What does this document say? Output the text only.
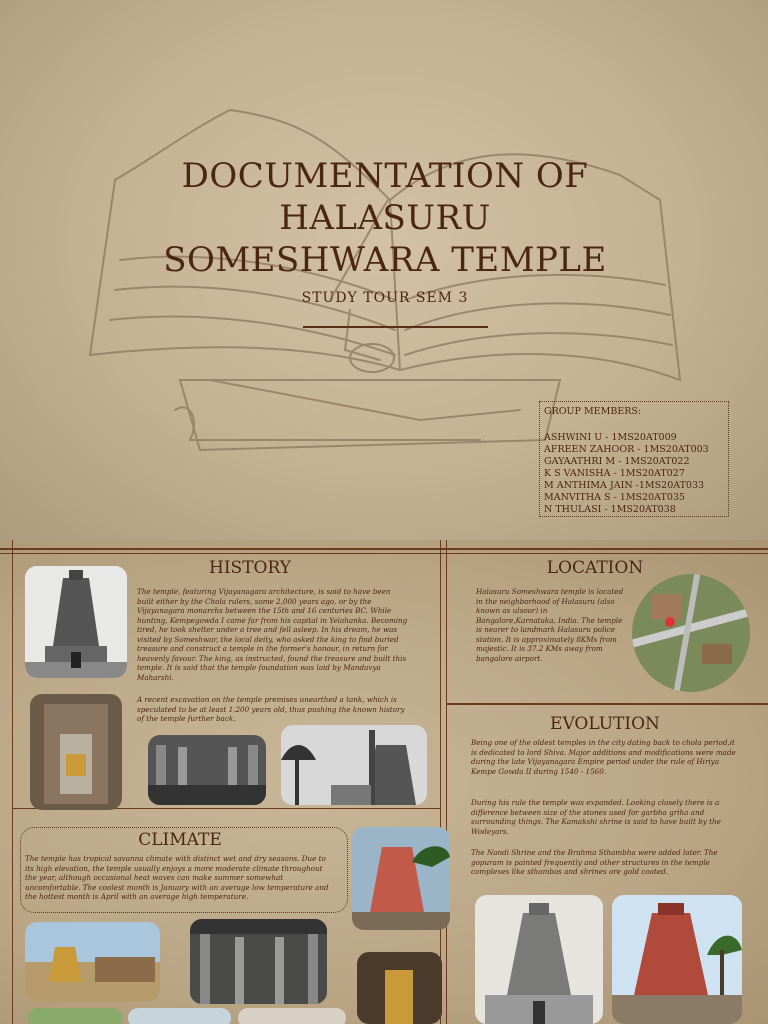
DOCUMENTATION OF
HALASURU
SOMESHWARA TEMPLE
STUDY TOUR SEM 3
GROUP MEMBERS:
ASHWINI U - 1MS20AT009
AFREEN ZAHOOR - 1MS20AT003
GAYAATHRI M - 1MS20AT022
K S VANISHA - 1MS20AT027
M ANTHIMA JAIN -1MS20AT033
MANVITHA S - 1MS20AT035
N THULASI - 1MS20AT038
HISTORY
The temple, featuring Vijayanagara architecture, is said to have been built either by the Chola rulers, some 2,000 years ago, or by the Vijayanagara monarchs between the 15th and 16 centuries BC. While hunting, Kempegowda I came far from his capital in Yelahanka. Becoming tired, he took shelter under a tree and fell asleep. In his dream, he was visited by Someshwar, the local deity, who asked the king to find buried treasure and construct a temple in the former's honour, in return for heavenly favour. The king, as instructed, found the treasure and built this temple. It is said that the temple foundation was laid by Mandavya Maharshi.
A recent excavation on the temple premises unearthed a tank, which is speculated to be at least 1,200 years old, thus pushing the known history of the temple further back.
LOCATION
Halasuru Someshwara temple is located in the neighborhood of Halasuru (also known as ulsoor) in Bangalore,Karnataka, India. The temple is nearer to landmark Halasuru police station. It is approximately 8KMs from majestic. It is 37.2 KMs away from bangalore airport.
EVOLUTION
Being one of the oldest temples in the city dating back to chola period,it is dedicated to lord Shiva. Major additions and modifications were made during the late Vijayanagara Empire period under the rule of Hiriya Kempe Gowda II during 1540 - 1560.
During his rule the temple was expanded. Looking closely there is a difference between size of the stones used for garbha griha and surrounding things. The Kamakshi shrine is said to have built by the Wodeyars.
The Nandi Shrine and the Brahma Sthambha were added later. The gopuram is painted frequently and other structures in the temple complexes like sthambas and shrines are gold coated.
CLIMATE
The temple has tropical savanna climate with distinct wet and dry seasons. Due to its high elevation, the temple usually enjoys a more moderate climate throughout the year, although occasional heat waves can make summer somewhat uncomfortable. The coolest month is January with an average low temperature and the hottest month is April with an average high temperature.
